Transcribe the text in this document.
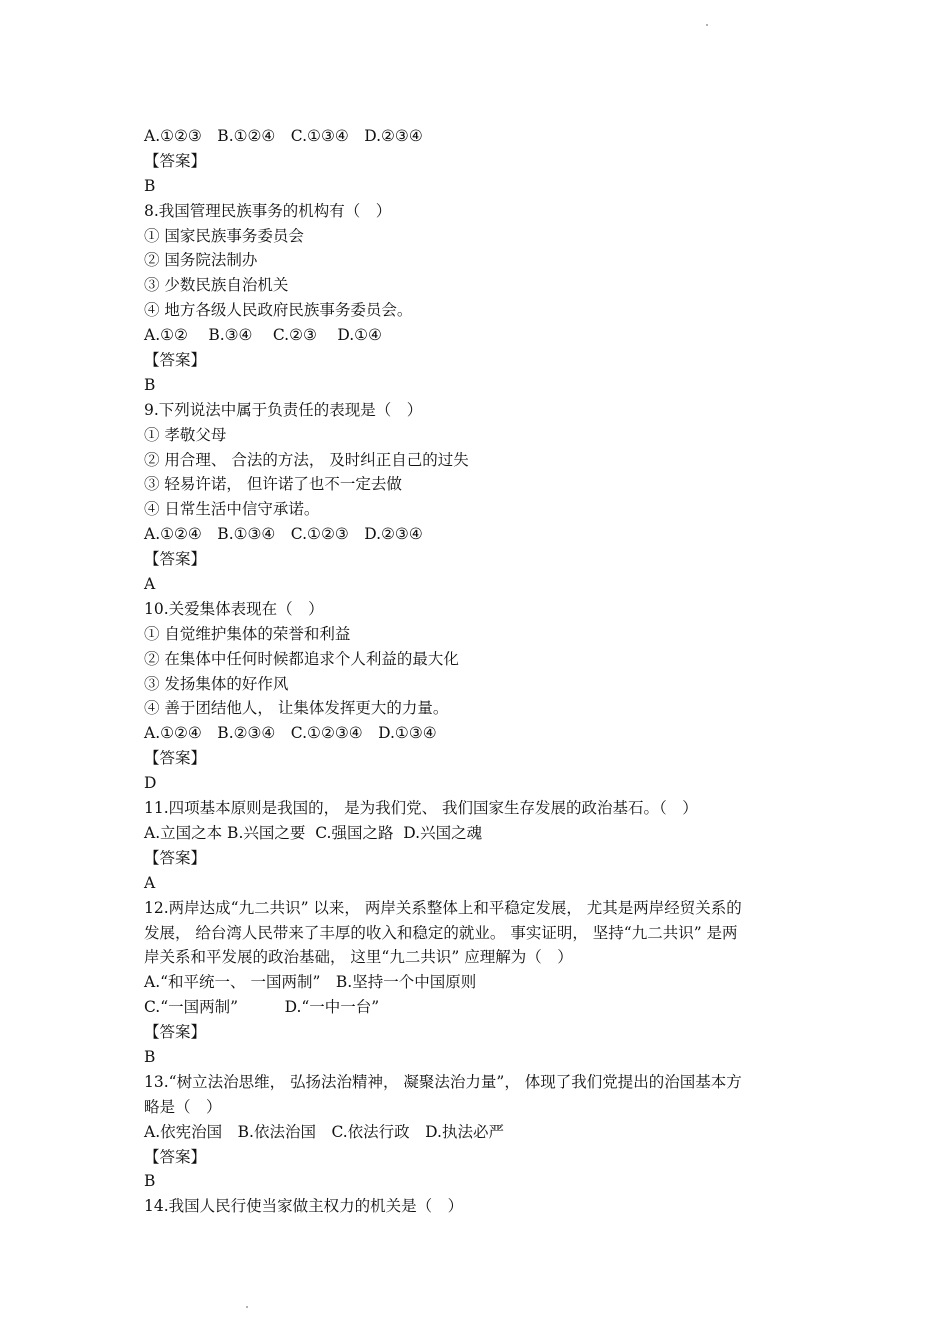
A.①②③　B.①②④　C.①③④　D.②③④
【答案】
B
8.我国管理民族事务的机构有（　）
① 国家民族事务委员会
② 国务院法制办
③ 少数民族自治机关
④ 地方各级人民政府民族事务委员会。
A.①②　 B.③④　 C.②③　 D.①④
【答案】
B
9.下列说法中属于负责任的表现是（　）
① 孝敬父母
② 用合理、 合法的方法， 及时纠正自己的过失
③ 轻易许诺， 但许诺了也不一定去做
④ 日常生活中信守承诺。
A.①②④　B.①③④　C.①②③　D.②③④
【答案】
A
10.关爱集体表现在（　）
① 自觉维护集体的荣誉和利益
② 在集体中任何时候都追求个人利益的最大化
③ 发扬集体的好作风
④ 善于团结他人， 让集体发挥更大的力量。
A.①②④　B.②③④　C.①②③④　D.①③④
【答案】
D
11.四项基本原则是我国的， 是为我们党、 我们国家生存发展的政治基石。（　）
A.立国之本 B.兴国之要  C.强国之路  D.兴国之魂
【答案】
A
12.两岸达成“九二共识” 以来， 两岸关系整体上和平稳定发展， 尤其是两岸经贸关系的
发展， 给台湾人民带来了丰厚的收入和稳定的就业。 事实证明， 坚持“九二共识” 是两
岸关系和平发展的政治基础， 这里“九二共识” 应理解为（　）
A.“和平统一、 一国两制”　B.坚持一个中国原则
C.“一国两制”　　　D.“一中一台”
【答案】
B
13.“树立法治思维， 弘扬法治精神， 凝聚法治力量”， 体现了我们党提出的治国基本方
略是（　）
A.依宪治国　B.依法治国　C.依法行政　D.执法必严
【答案】
B
14.我国人民行使当家做主权力的机关是（　）
